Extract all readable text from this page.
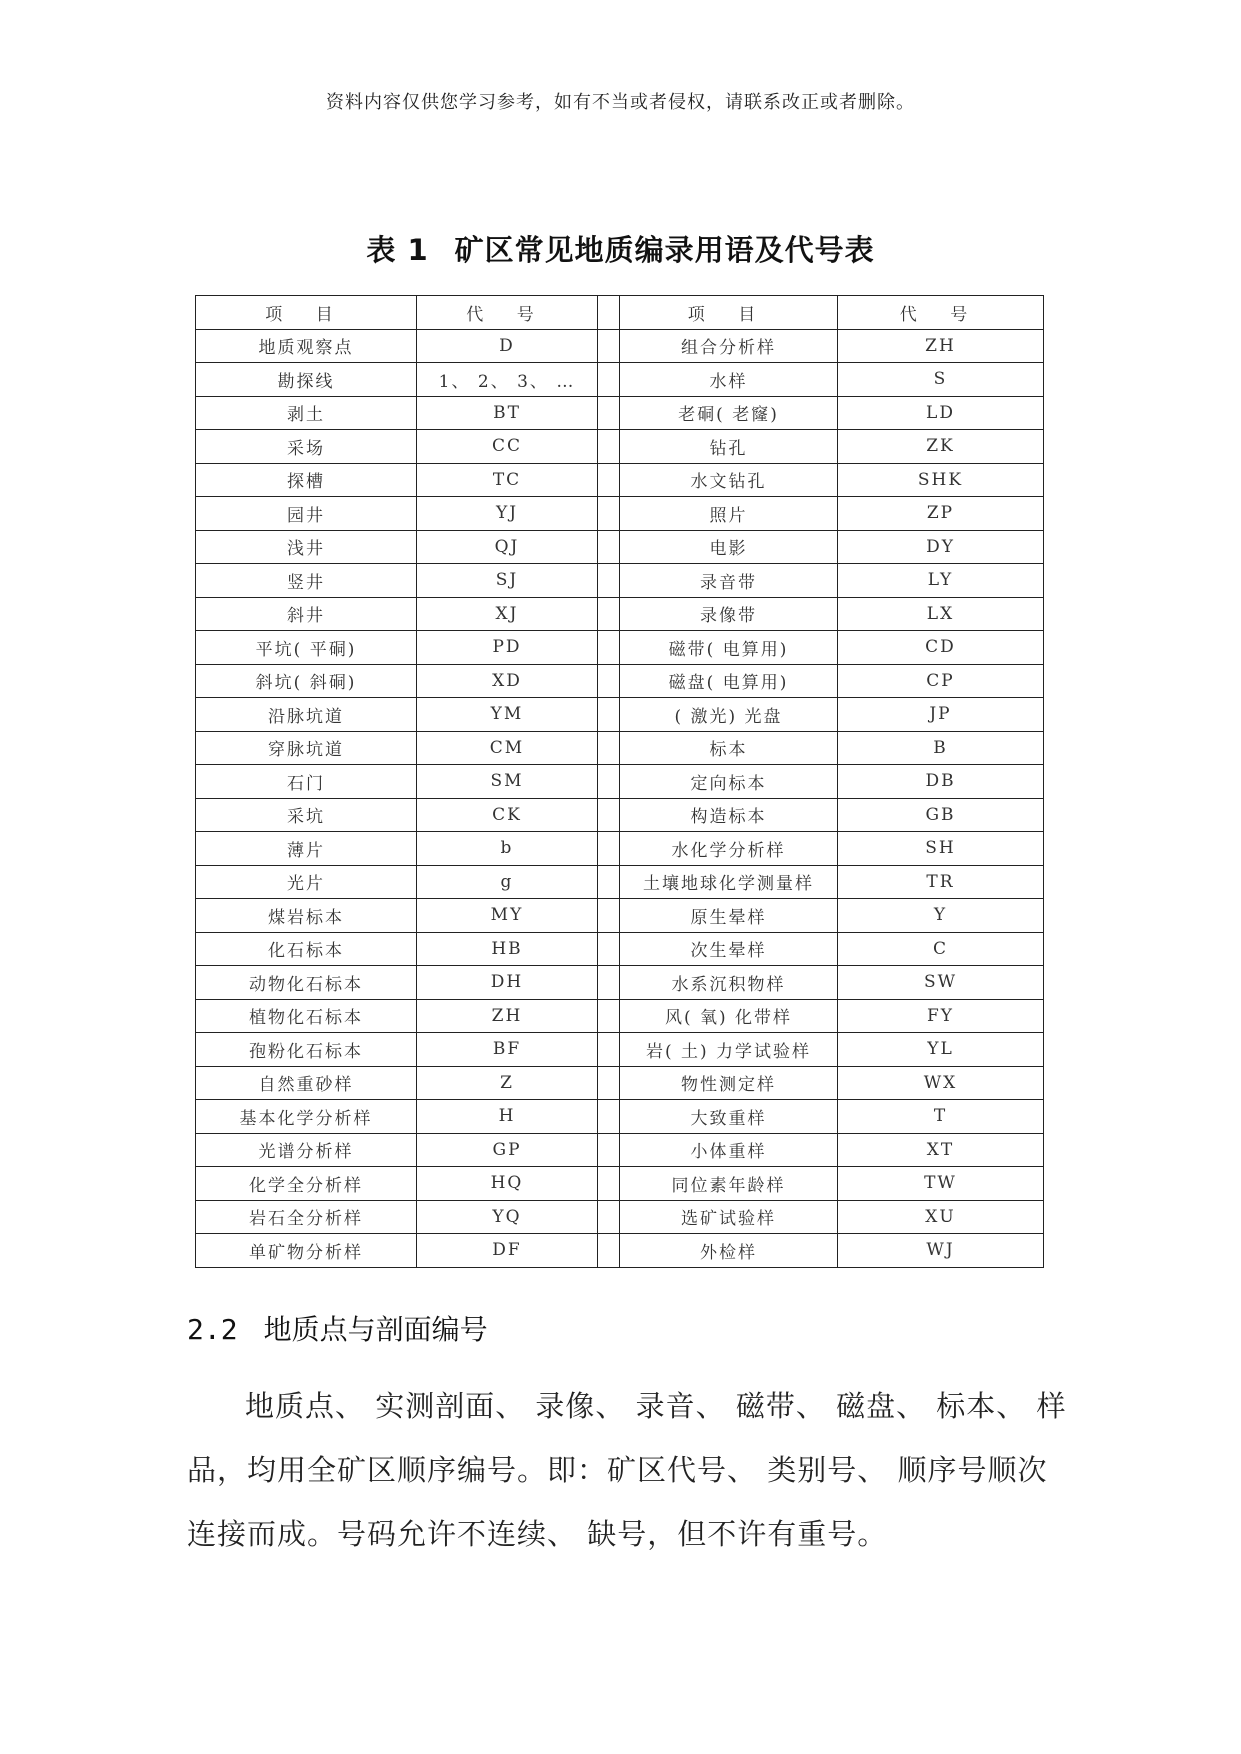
资料内容仅供您学习参考，如有不当或者侵权，请联系改正或者删除。
表 1 矿区常见地质编录用语及代号表
项 目	代 号		项 目	代 号
地质观察点	D		组合分析样	ZH
勘探线	1、 2、 3、 …		水样	S
剥土	BT		老硐( 老窿)	LD
采场	CC		钻孔	ZK
探槽	TC		水文钻孔	SHK
园井	YJ		照片	ZP
浅井	QJ		电影	DY
竖井	SJ		录音带	LY
斜井	XJ		录像带	LX
平坑( 平硐)	PD		磁带( 电算用)	CD
斜坑( 斜硐)	XD		磁盘( 电算用)	CP
沿脉坑道	YM		( 激光) 光盘	JP
穿脉坑道	CM		标本	B
石门	SM		定向标本	DB
采坑	CK		构造标本	GB
薄片	b		水化学分析样	SH
光片	g		土壤地球化学测量样	TR
煤岩标本	MY		原生晕样	Y
化石标本	HB		次生晕样	C
动物化石标本	DH		水系沉积物样	SW
植物化石标本	ZH		风( 氧) 化带样	FY
孢粉化石标本	BF		岩( 土) 力学试验样	YL
自然重砂样	Z		物性测定样	WX
基本化学分析样	H		大致重样	T
光谱分析样	GP		小体重样	XT
化学全分析样	HQ		同位素年龄样	TW
岩石全分析样	YQ		选矿试验样	XU
单矿物分析样	DF		外检样	WJ
2.2 地质点与剖面编号
地质点、 实测剖面、 录像、 录音、 磁带、 磁盘、 标本、 样品，均用全矿区顺序编号。即：矿区代号、 类别号、 顺序号顺次连接而成。号码允许不连续、 缺号，但不许有重号。
